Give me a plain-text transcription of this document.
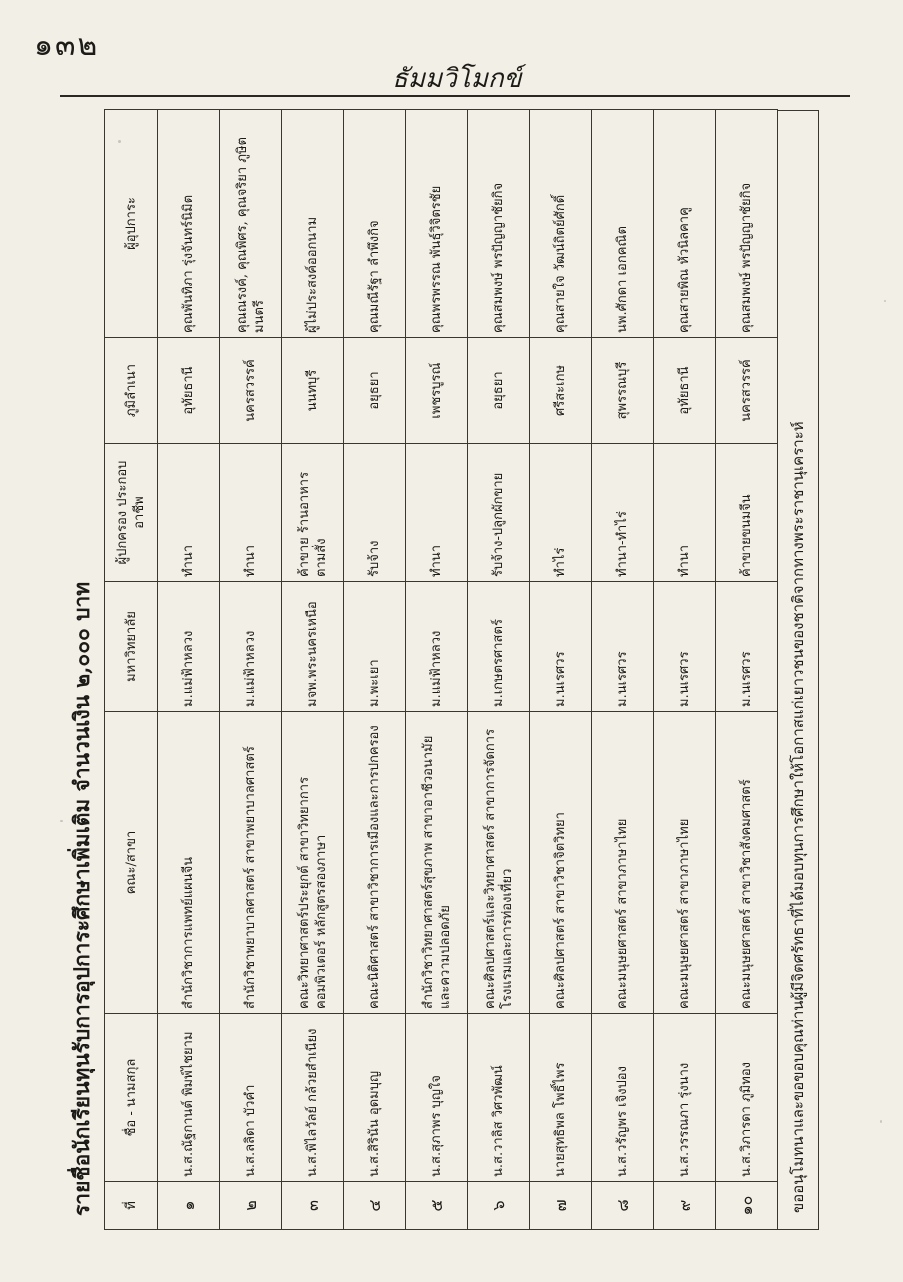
๑๓๒
ธัมมวิโมกข์
รายชื่อนักเรียนทุนรับการอุปการะศึกษาเพิ่มเติม จำนวนเงิน ๒,๐๐๐ บาท	ที่	ชื่อ - นามสกุล	คณะ/สาขา	มหาวิทยาลัย	ผู้ปกครอง ประกอบอาชีพ	ภูมิลำเนา	ผู้อุปการะ
๑	น.ส.ณัฐกานต์ พิมพ์ไชยาม	สำนักวิชาการแพทย์แผนจีน	ม.แม่ฟ้าหลวง	ทำนา	อุทัยธานี	คุณพันทิภา รุ่งจันทร์นิมิต
๒	น.ส.ลลิดา บัวคำ	สำนักวิชาพยาบาลศาสตร์ สาขาพยาบาลศาสตร์	ม.แม่ฟ้าหลวง	ทำนา	นครสวรรค์	คุณณรงค์, คุณพิศร, คุณจริยา ภูษิตมนตรี
๓	น.ส.พิไลวัลย์ กล้วยสำเนียง	คณะวิทยาศาสตร์ประยุกต์ สาขาวิทยาการคอมพิวเตอร์ หลักสูตรสองภาษา	มจพ.พระนครเหนือ	ค้าขาย ร้านอาหารตามสั่ง	นนทบุรี	ผู้ไม่ประสงค์ออกนาม
๔	น.ส.สิรินัน อุดมบุญ	คณะนิติศาสตร์ สาขาวิชาการเมืองและการปกครอง	ม.พะเยา	รับจ้าง	อยุธยา	คุณมณีรัฐา ลำพึงกิจ
๕	น.ส.สุภาพร บุญใจ	สำนักวิชาวิทยาศาสตร์สุขภาพ สาขาอาชีวอนามัยและความปลอดภัย	ม.แม่ฟ้าหลวง	ทำนา	เพชรบูรณ์	คุณพรพรรณ พันธุ์วิจิตรชัย
๖	น.ส.วาลิส วิศวพัฒน์	คณะศิลปศาสตร์และวิทยาศาสตร์ สาขาการจัดการโรงแรมและการท่องเที่ยว	ม.เกษตรศาสตร์	รับจ้าง-ปลูกผักขาย	อยุธยา	คุณสมพงษ์ พรปัญญาชัยกิจ
๗	นายสุทธิพล โพธิ์ไพร	คณะศิลปศาสตร์ สาขาวิชาจิตวิทยา	ม.นเรศวร	ทำไร่	ศรีสะเกษ	คุณสายใจ วัฒน์ถิตย์ศักดิ์
๘	น.ส.วรัญพร เจิงปอง	คณะมนุษยศาสตร์ สาขาภาษาไทย	ม.นเรศวร	ทำนา-ทำไร่	สุพรรณบุรี	นพ.ศักดา เอกคณิต
๙	น.ส.วรรณภา รุ่งนาง	คณะมนุษยศาสตร์ สาขาภาษาไทย	ม.นเรศวร	ทำนา	อุทัยธานี	คุณสายพิณ หัวนิลคาคู
๑๐	น.ส.วิภารดา ภูมิทอง	คณะมนุษยศาสตร์ สาขาวิชาสังคมศาสตร์	ม.นเรศวร	ค้าขายขนมจีน	นครสวรรค์	คุณสมพงษ์ พรปัญญาชัยกิจ
ขออนุโมทนาและขอขอบคุณท่านผู้มีจิตศรัทธาที่ได้มอบทุนการศึกษาให้โอกาสแก่เยาวชนของชาติจากทางพระราชานุเคราะห์
